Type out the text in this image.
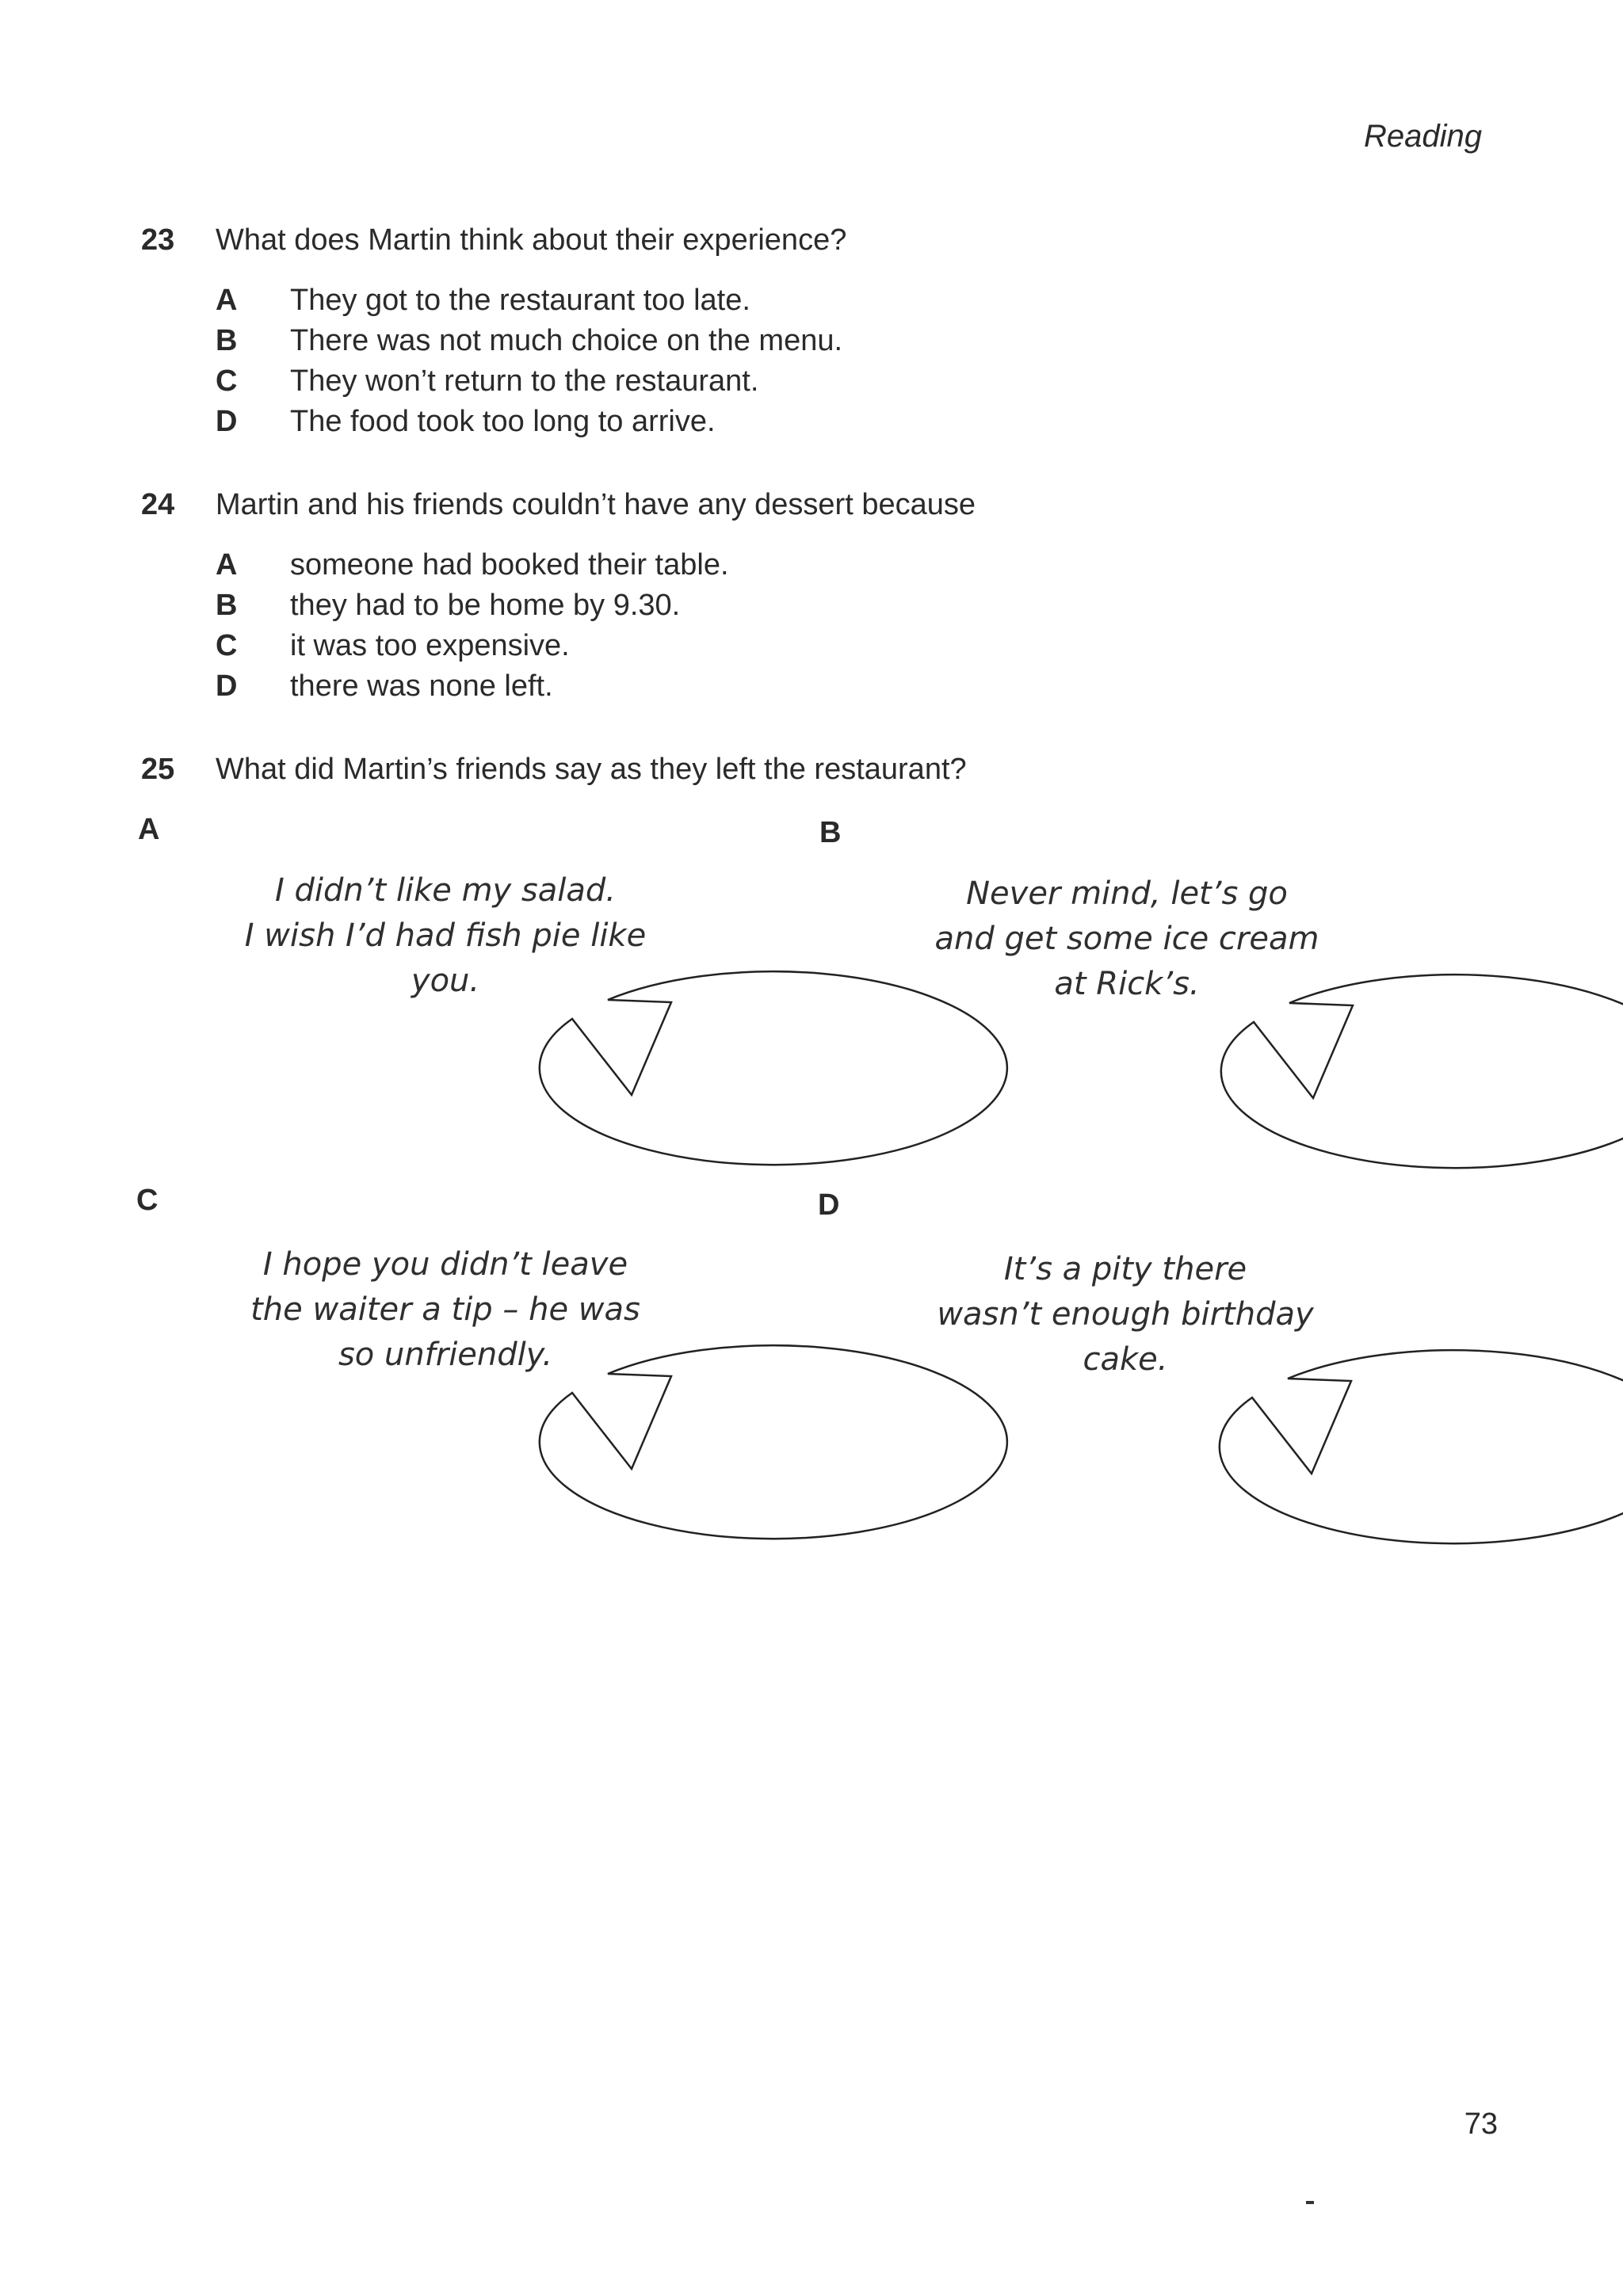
Reading
23	What does Martin think about their experience?
A	They got to the restaurant too late.
B	There was not much choice on the menu.
C	They won’t return to the restaurant.
D	The food took too long to arrive.
24	Martin and his friends couldn’t have any dessert because
A	someone had booked their table.
B	they had to be home by 9.30.
C	it was too expensive.
D	there was none left.
25	What did Martin’s friends say as they left the restaurant?
A
I didn’t like my salad.
I wish I’d had fish pie like
you.
B
Never mind, let’s go
and get some ice cream
at Rick’s.
C
I hope you didn’t leave
the waiter a tip – he was
so unfriendly.
D
It’s a pity there
wasn’t enough birthday
cake.
73
